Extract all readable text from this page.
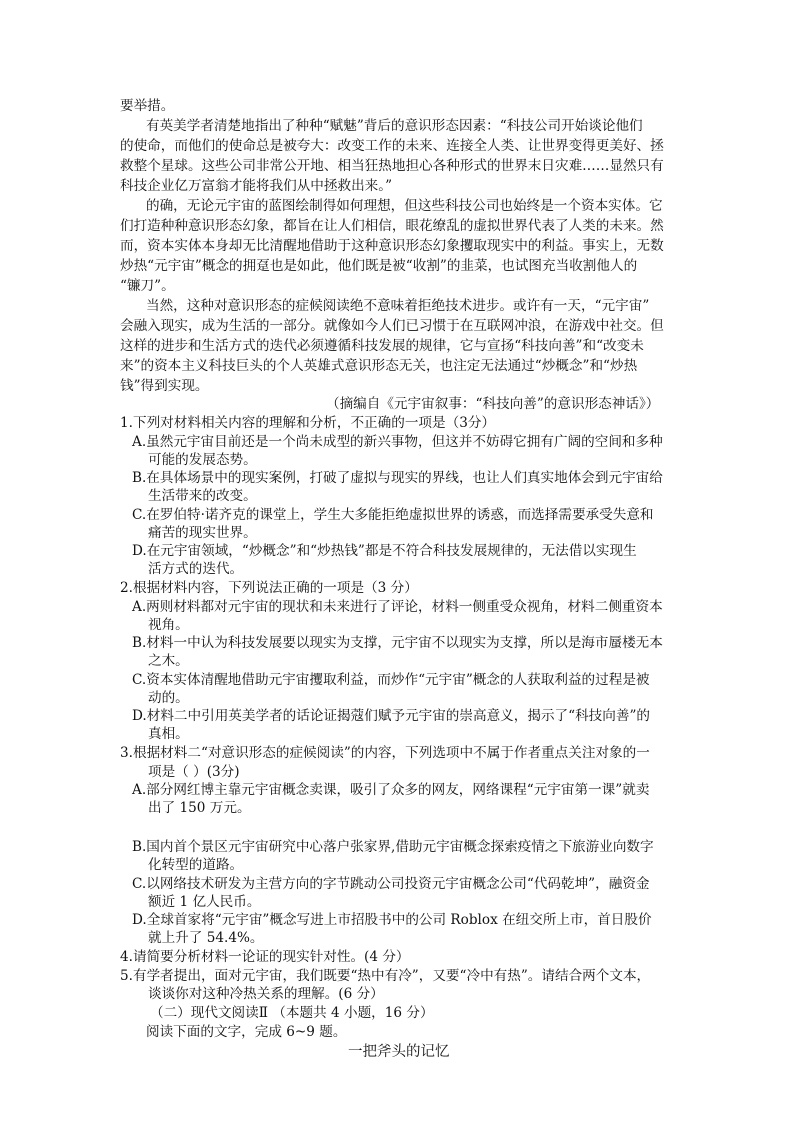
要举措。
有英美学者清楚地指出了种种“赋魅”背后的意识形态因素：“科技公司开始谈论他们
的使命，而他们的使命总是被夸大：改变工作的未来、连接全人类、让世界变得更美好、拯
救整个星球。这些公司非常公开地、相当狂热地担心各种形式的世界末日灾难……显然只有
科技企业亿万富翁才能将我们从中拯救出来。”
的确，无论元宇宙的蓝图绘制得如何理想，但这些科技公司也始终是一个资本实体。它
们打造种种意识形态幻象，都旨在让人们相信，眼花缭乱的虚拟世界代表了人类的未来。然
而，资本实体本身却无比清醒地借助于这种意识形态幻象攫取现实中的利益。事实上，无数
炒热“元宇宙”概念的拥趸也是如此，他们既是被“收割”的韭菜，也试图充当收割他人的
“镰刀”。
当然，这种对意识形态的症候阅读绝不意味着拒绝技术进步。或许有一天，“元宇宙”
会融入现实，成为生活的一部分。就像如今人们已习惯于在互联网冲浪，在游戏中社交。但
这样的进步和生活方式的迭代必须遵循科技发展的规律，它与宣扬“科技向善”和“改变未
来”的资本主义科技巨头的个人英雄式意识形态无关，也注定无法通过“炒概念”和“炒热
钱”得到实现。
（摘编自《元宇宙叙事：“科技向善”的意识形态神话》）
1.下列对材料相关内容的理解和分析，不正确的一项是（3分）
A.虽然元宇宙目前还是一个尚未成型的新兴事物，但这并不妨碍它拥有广阔的空间和多种
可能的发展态势。
B.在具体场景中的现实案例，打破了虚拟与现实的界线，也让人们真实地体会到元宇宙给
生活带来的改变。
C.在罗伯特·诺齐克的课堂上，学生大多能拒绝虚拟世界的诱惑，而选择需要承受失意和
痛苦的现实世界。
D.在元宇宙领域，“炒概念”和“炒热钱”都是不符合科技发展规律的，无法借以实现生
活方式的迭代。
2.根据材料内容，下列说法正确的一项是（3 分）
A.两则材料都对元宇宙的现状和未来进行了评论，材料一侧重受众视角，材料二侧重资本
视角。
B.材料一中认为科技发展要以现实为支撑，元宇宙不以现实为支撑，所以是海市蜃楼无本
之木。
C.资本实体清醒地借助元宇宙攫取利益，而炒作“元宇宙”概念的人获取利益的过程是被
动的。
D.材料二中引用英美学者的话论证揭蔻们赋予元宇宙的崇高意义，揭示了“科技向善”的
真相。
3.根据材料二“对意识形态的症候阅读”的内容，下列选项中不属于作者重点关注对象的一
项是（ ）(3分)
A.部分网红博主靠元宇宙概念卖课，吸引了众多的网友，网络课程“元宇宙第一课”就卖
出了 150 万元。
B.国内首个景区元宇宙研究中心落户张家界,借助元宇宙概念探索疫情之下旅游业向数字
化转型的道路。
C.以网络技术研发为主营方向的字节跳动公司投资元宇宙概念公司“代码乾坤”，融资金
额近 1 亿人民币。
D.全球首家将“元宇宙”概念写进上市招股书中的公司 Roblox 在纽交所上市，首日股价
就上升了 54.4%。
4.请简要分析材料一论证的现实针对性。(4 分）
5.有学者提出，面对元宇宙，我们既要“热中有冷”，又要“冷中有热”。请结合两个文本，
谈谈你对这种冷热关系的理解。(6 分）
（二）现代文阅读Ⅱ （本题共 4 小题，16 分）
阅读下面的文字，完成 6~9 题。
一把斧头的记忆
